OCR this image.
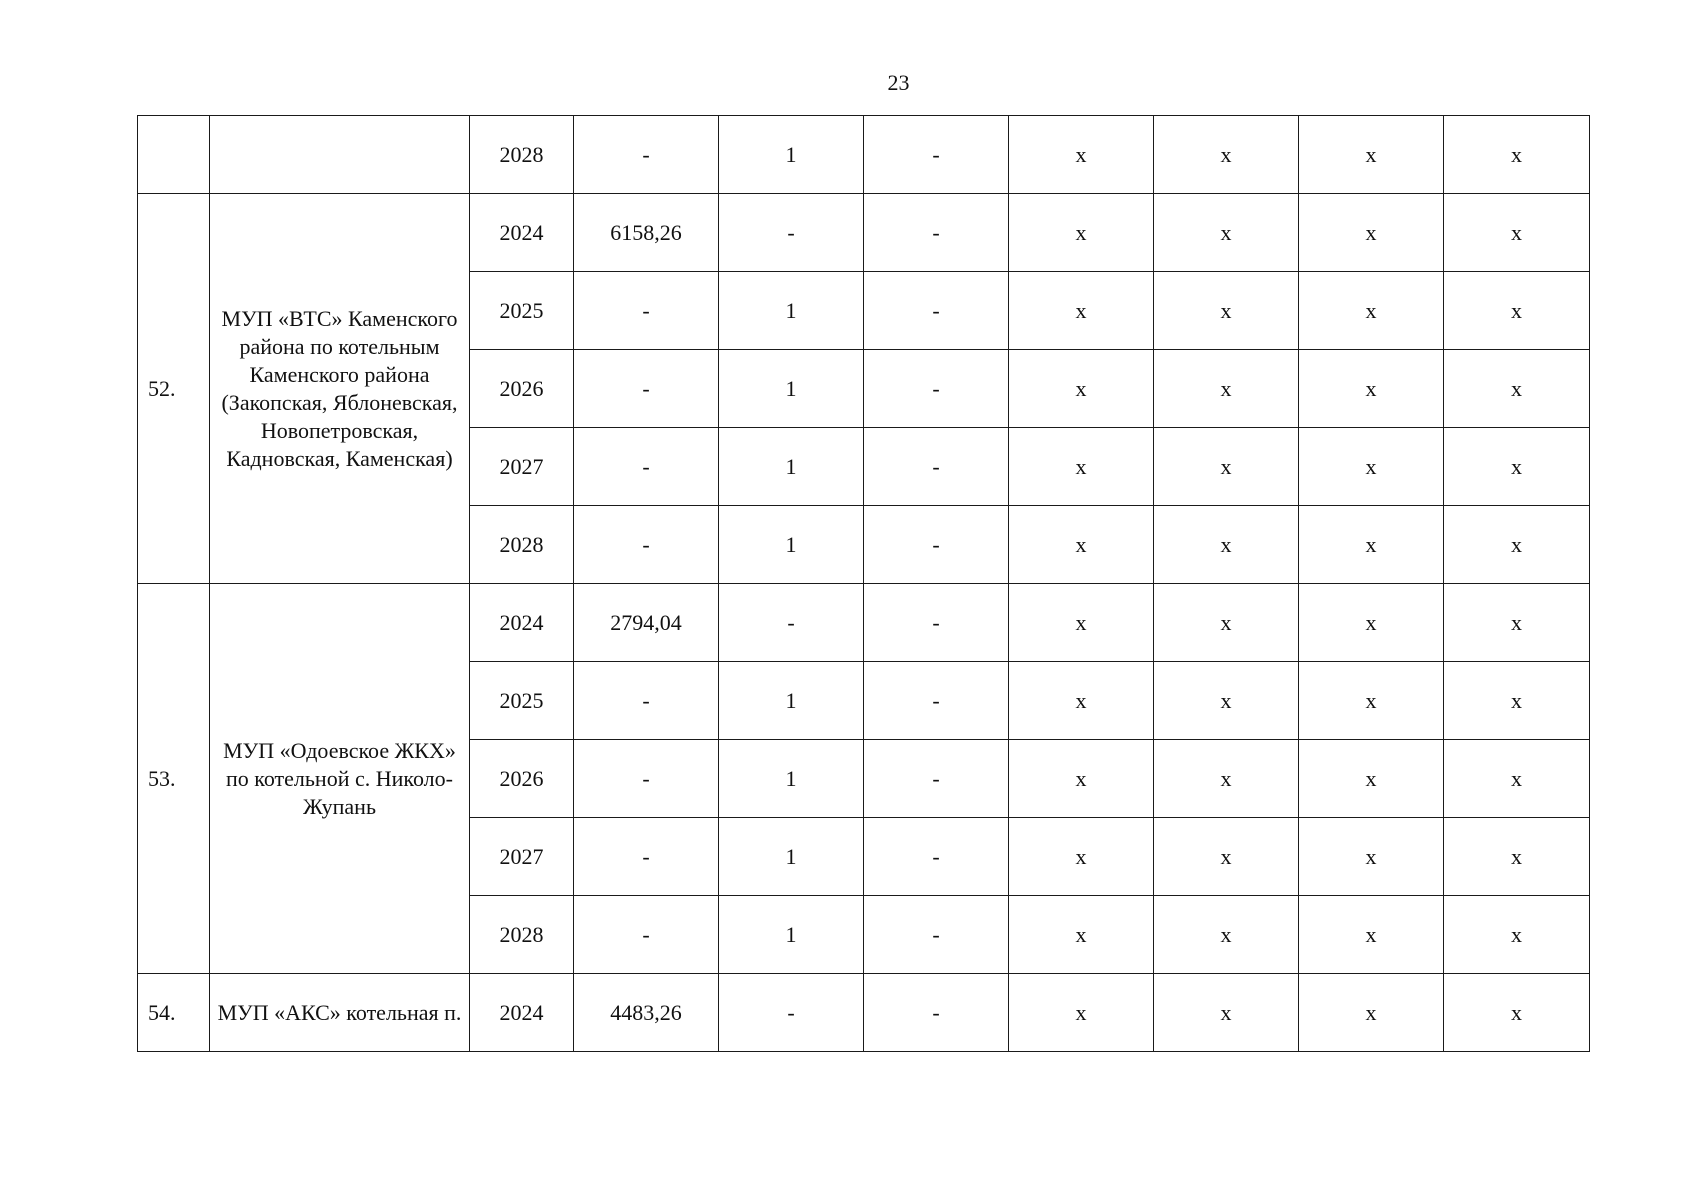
23
		2028	-	1	-	x	x	x	x
52.	МУП «ВТС» Каменского района по котельным Каменского района (Закопская, Яблоневская, Новопетровская, Кадновская, Каменская)	2024	6158,26	-	-	x	x	x	x
		2025	-	1	-	x	x	x	x
		2026	-	1	-	x	x	x	x
		2027	-	1	-	x	x	x	x
		2028	-	1	-	x	x	x	x
53.	МУП «Одоевское ЖКХ» по котельной с. Николо-Жупань	2024	2794,04	-	-	x	x	x	x
		2025	-	1	-	x	x	x	x
		2026	-	1	-	x	x	x	x
		2027	-	1	-	x	x	x	x
		2028	-	1	-	x	x	x	x
54.	МУП «АКС» котельная п.	2024	4483,26	-	-	x	x	x	x
